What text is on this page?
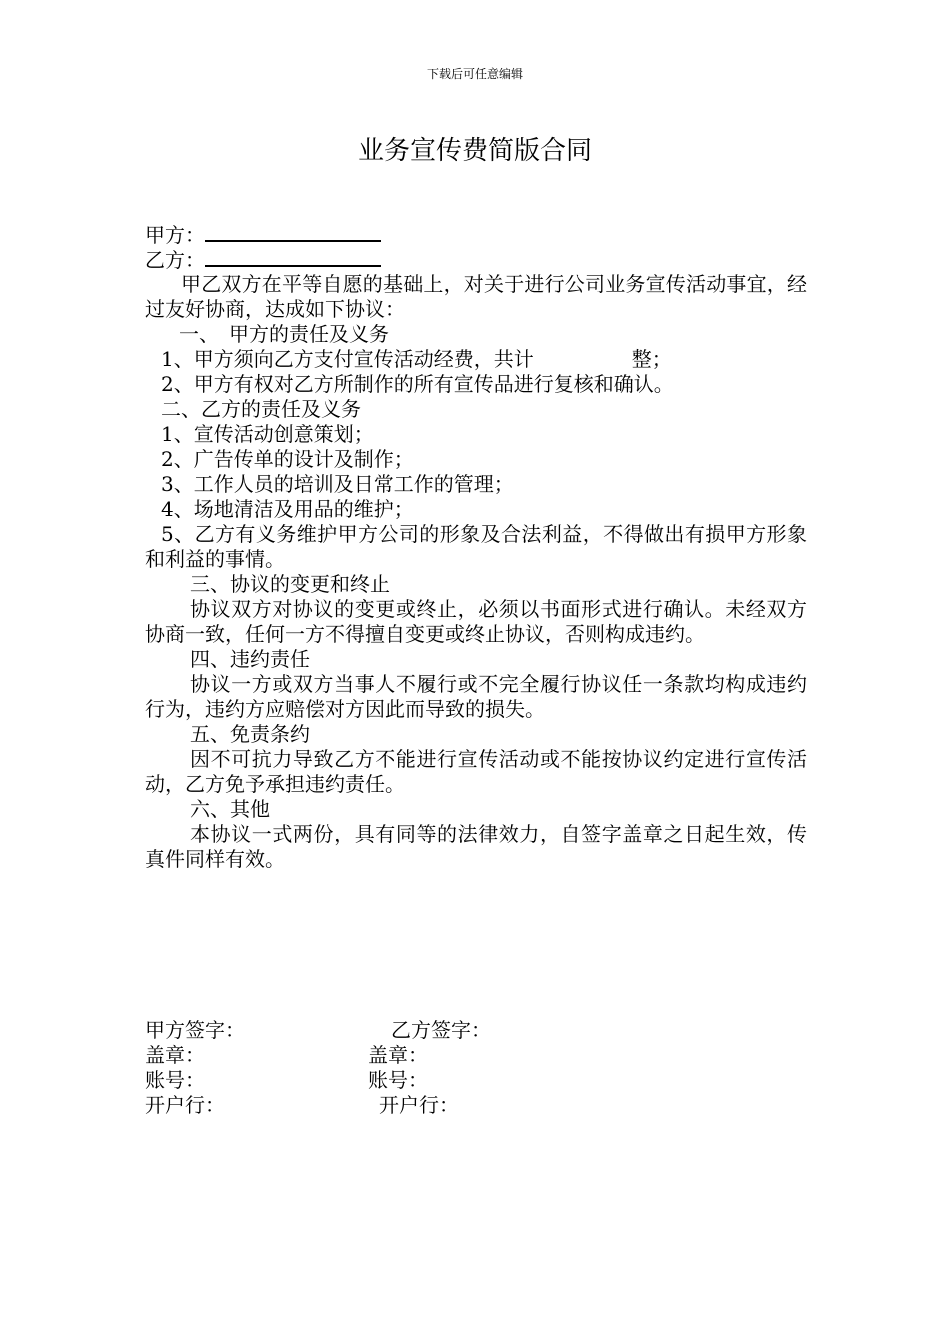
下载后可任意编辑
业务宣传费简版合同
甲方：
乙方：
甲乙双方在平等自愿的基础上，对关于进行公司业务宣传活动事宜，经过友好协商，达成如下协议：
一、　甲方的责任及义务
1、甲方须向乙方支付宣传活动经费，共计	整；
2、甲方有权对乙方所制作的所有宣传品进行复核和确认。
二、乙方的责任及义务
1、宣传活动创意策划；
2、广告传单的设计及制作；
3、工作人员的培训及日常工作的管理；
4、场地清洁及用品的维护；
5、乙方有义务维护甲方公司的形象及合法利益，不得做出有损甲方形象和利益的事情。
三、协议的变更和终止
协议双方对协议的变更或终止，必须以书面形式进行确认。未经双方协商一致，任何一方不得擅自变更或终止协议，否则构成违约。
四、违约责任
协议一方或双方当事人不履行或不完全履行协议任一条款均构成违约行为，违约方应赔偿对方因此而导致的损失。
五、免责条约
因不可抗力导致乙方不能进行宣传活动或不能按协议约定进行宣传活动，乙方免予承担违约责任。
六、其他
本协议一式两份，具有同等的法律效力，自签字盖章之日起生效，传真件同样有效。
甲方签字：	乙方签字：
盖章：	盖章：
账号：	账号：
开户行：	开户行：
